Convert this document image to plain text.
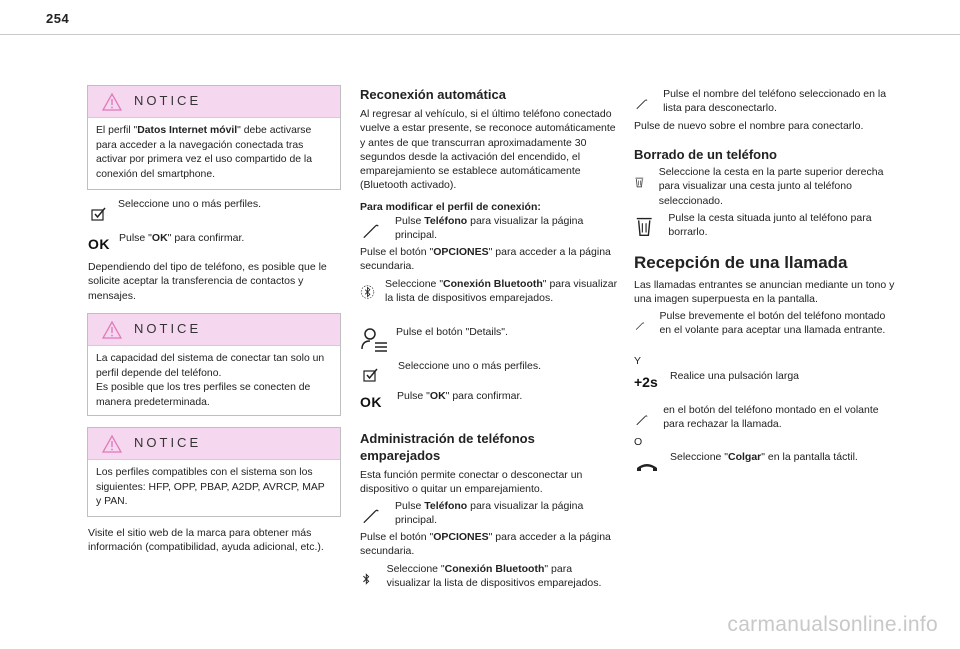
254
NOTICE
El perfil "Datos Internet móvil" debe activarse para acceder a la navegación conectada tras activar por primera vez el uso compartido de la conexión del smartphone.
Seleccione uno o más perfiles.
OK Pulse "OK" para confirmar.
Dependiendo del tipo de teléfono, es posible que le solicite aceptar la transferencia de contactos y mensajes.
NOTICE
La capacidad del sistema de conectar tan solo un perfil depende del teléfono.
Es posible que los tres perfiles se conecten de manera predeterminada.
NOTICE
Los perfiles compatibles con el sistema son los siguientes: HFP, OPP, PBAP, A2DP, AVRCP, MAP y PAN.
Visite el sitio web de la marca para obtener más información (compatibilidad, ayuda adicional, etc.).
Reconexión automática
Al regresar al vehículo, si el último teléfono conectado vuelve a estar presente, se reconoce automáticamente y antes de que transcurran aproximadamente 30 segundos desde la activación del encendido, el emparejamiento se establece automáticamente (Bluetooth activado).
Para modificar el perfil de conexión:
Pulse Teléfono para visualizar la página principal.
Pulse el botón "OPCIONES" para acceder a la página secundaria.
Seleccione "Conexión Bluetooth" para visualizar la lista de dispositivos emparejados.
Pulse el botón "Details".
Seleccione uno o más perfiles.
OK	Pulse "OK" para confirmar.
Administración de teléfonos emparejados
Esta función permite conectar o desconectar un dispositivo o quitar un emparejamiento.
Pulse Teléfono para visualizar la página principal.
Pulse el botón "OPCIONES" para acceder a la página secundaria.
Seleccione "Conexión Bluetooth" para visualizar la lista de dispositivos emparejados.
Pulse el nombre del teléfono seleccionado en la lista para desconectarlo.
Pulse de nuevo sobre el nombre para conectarlo.
Borrado de un teléfono
Seleccione la cesta en la parte superior derecha para visualizar una cesta junto al teléfono seleccionado.
Pulse la cesta situada junto al teléfono para borrarlo.
Recepción de una llamada
Las llamadas entrantes se anuncian mediante un tono y una imagen superpuesta en la pantalla.
Pulse brevemente el botón del teléfono montado en el volante para aceptar una llamada entrante.
Y
+2s	Realice una pulsación larga
en el botón del teléfono montado en el volante para rechazar la llamada.
O
Seleccione "Colgar" en la pantalla táctil.
carmanualsonline.info
